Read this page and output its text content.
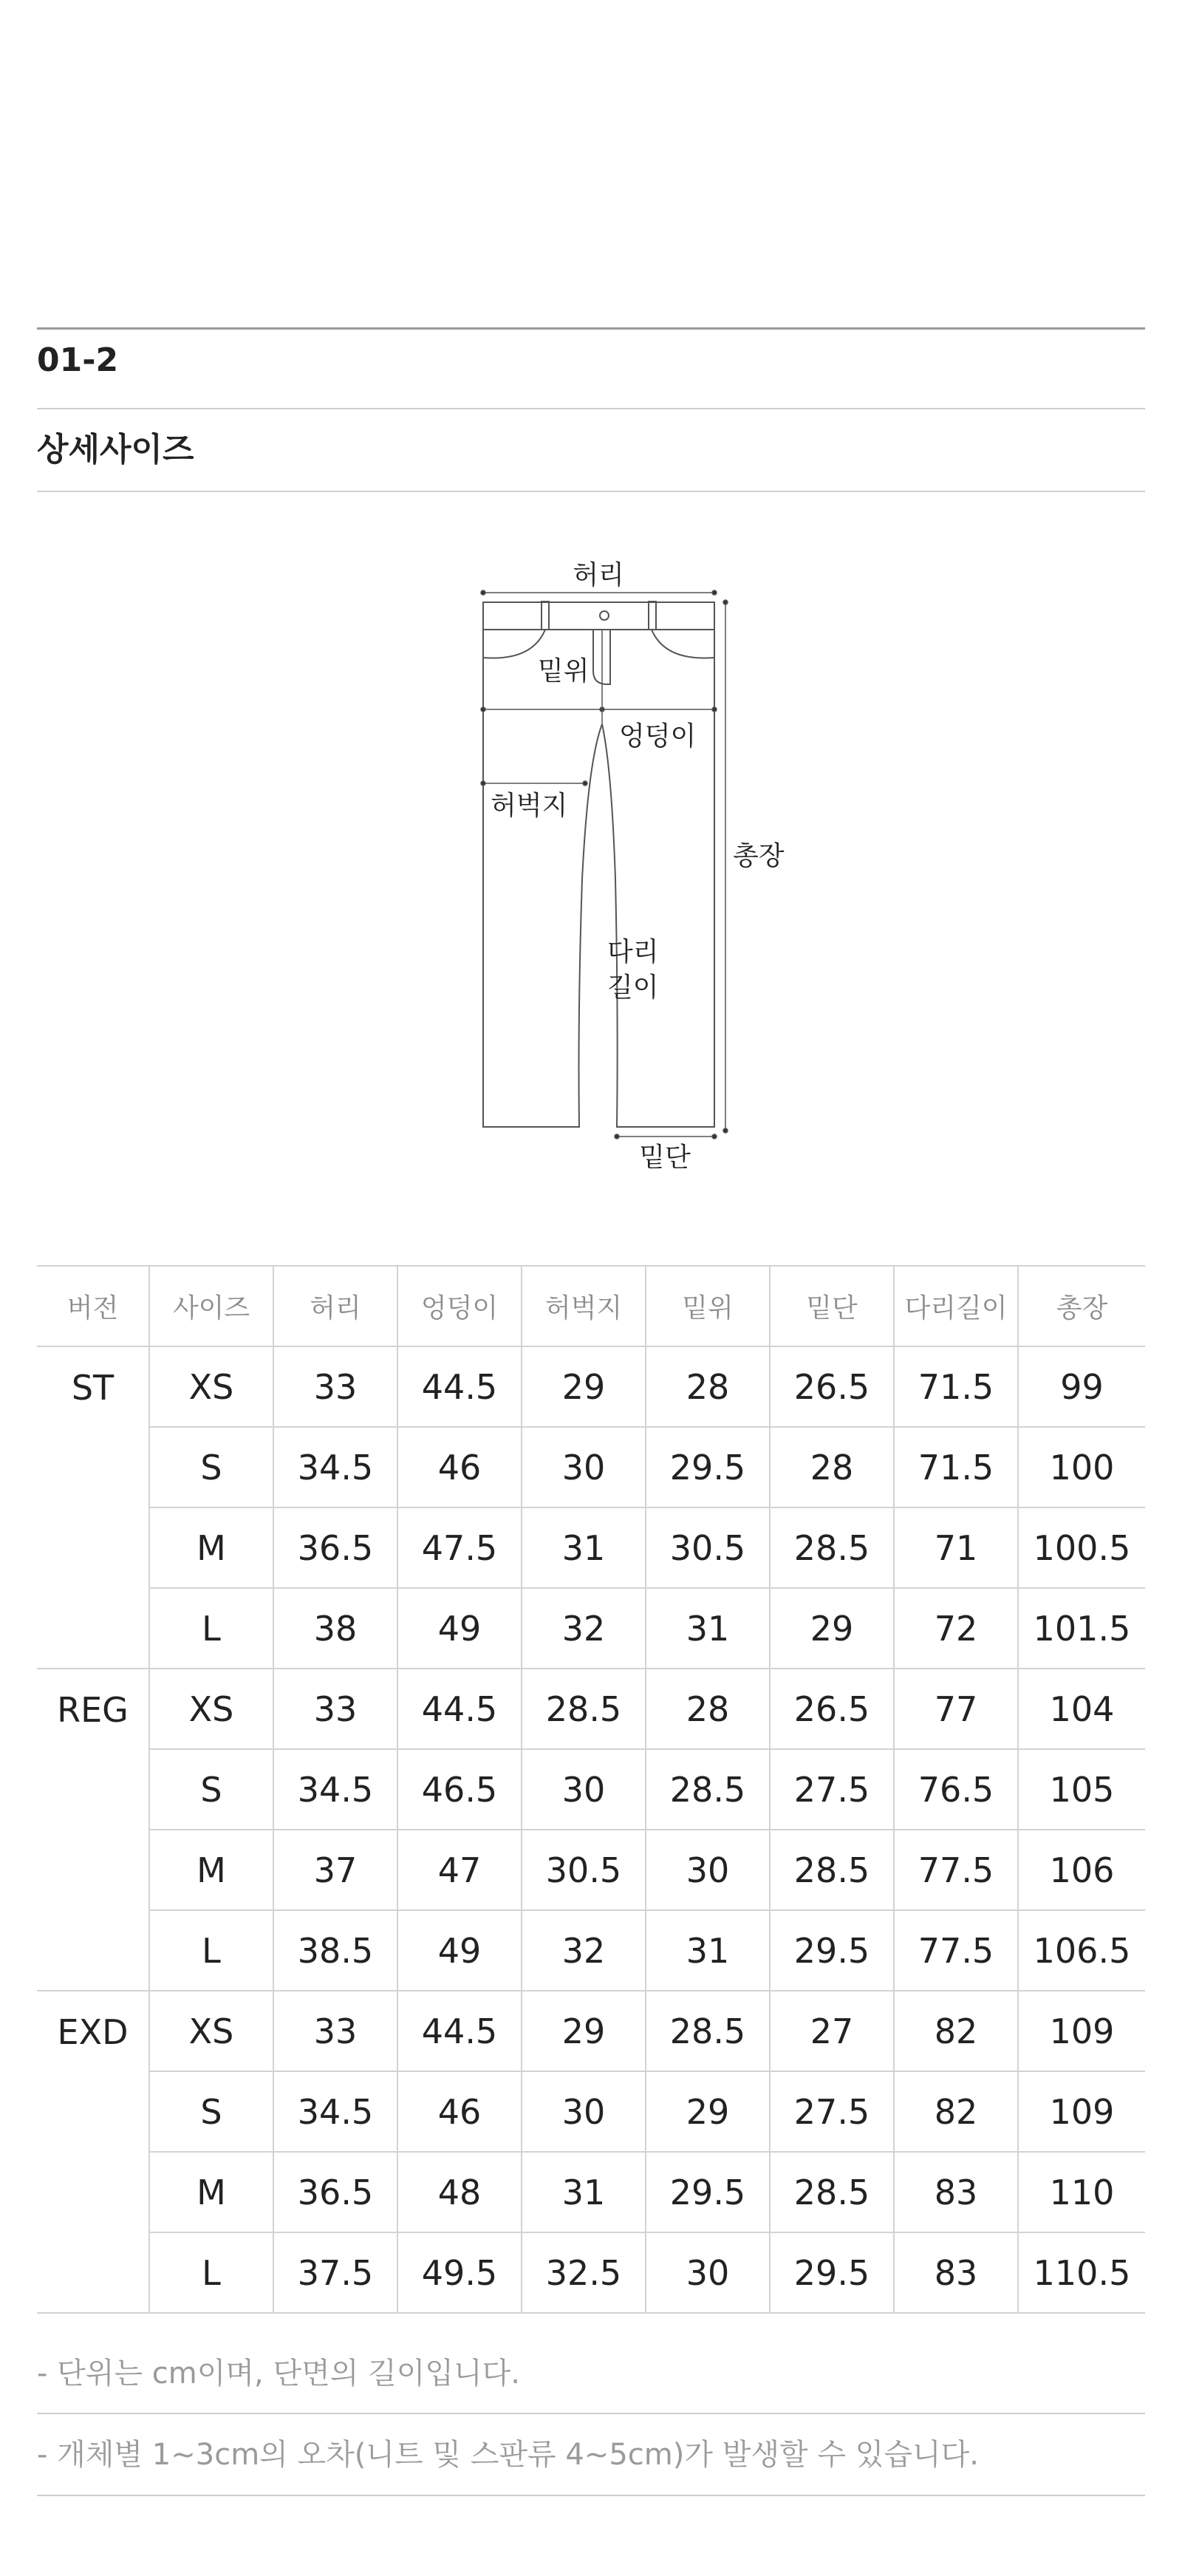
01-2
상세사이즈
허리
밑위
엉덩이
허벅지
총장
다리
길이
밑단
버전	사이즈	허리	엉덩이	허벅지	밑위	밑단	다리길이	총장
ST	XS	33	44.5	29	28	26.5	71.5	99
	S	34.5	46	30	29.5	28	71.5	100
	M	36.5	47.5	31	30.5	28.5	71	100.5
	L	38	49	32	31	29	72	101.5
REG	XS	33	44.5	28.5	28	26.5	77	104
	S	34.5	46.5	30	28.5	27.5	76.5	105
	M	37	47	30.5	30	28.5	77.5	106
	L	38.5	49	32	31	29.5	77.5	106.5
EXD	XS	33	44.5	29	28.5	27	82	109
	S	34.5	46	30	29	27.5	82	109
	M	36.5	48	31	29.5	28.5	83	110
	L	37.5	49.5	32.5	30	29.5	83	110.5
- 단위는 cm이며, 단면의 길이입니다.
- 개체별 1~3cm의 오차(니트 및 스판류 4~5cm)가 발생할 수 있습니다.
